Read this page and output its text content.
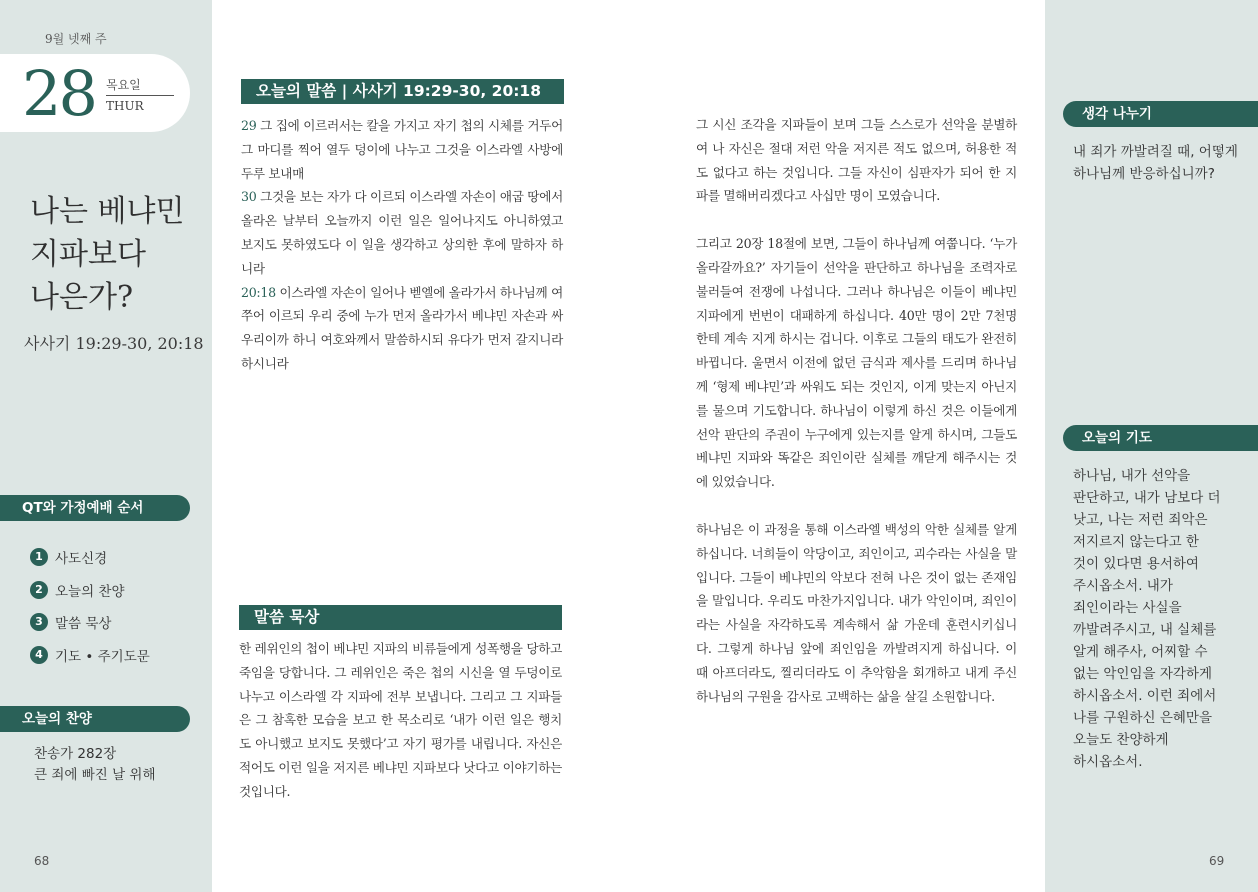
9월 넷째 주
28 목요일
THUR
나는 베냐민
지파보다
나은가?
사사기 19:29-30, 20:18
QT와 가정예배 순서
1 사도신경
2 오늘의 찬양
3 말씀 묵상
4 기도 • 주기도문
오늘의 찬양
찬송가 282장
큰 죄에 빠진 날 위해
68
오늘의 말씀 | 사사기 19:29-30, 20:18

29 그 집에 이르러서는 칼을 가지고 자기 첩의 시체를 거두어 그 마디를 찍어 열두 덩이에 나누고 그것을 이스라엘 사방에 두루 보내매

30 그것을 보는 자가 다 이르되 이스라엘 자손이 애굽 땅에서 올라온 날부터 오늘까지 이런 일은 일어나지도 아니하였고 보지도 못하였도다 이 일을 생각하고 상의한 후에 말하자 하니라

20:18 이스라엘 자손이 일어나 벧엘에 올라가서 하나님께 여쭈어 이르되 우리 중에 누가 먼저 올라가서 베냐민 자손과 싸우리이까 하니 여호와께서 말씀하시되 유다가 먼저 갈지니라 하시니라

말씀 묵상
한 레위인의 첩이 베냐민 지파의 비류들에게 성폭행을 당하고 죽임을 당합니다. 그 레위인은 죽은 첩의 시신을 열 두덩이로 나누고 이스라엘 각 지파에 전부 보냅니다. 그리고 그 지파들은 그 참혹한 모습을 보고 한 목소리로 ‘내가 이런 일은 행치도 아니했고 보지도 못했다’고 자기 평가를 내립니다. 자신은 적어도 이런 일을 저지른 베냐민 지파보다 낫다고 이야기하는 것입니다.

그 시신 조각을 지파들이 보며 그들 스스로가 선악을 분별하여 나 자신은 절대 저런 악을 저지른 적도 없으며, 허용한 적도 없다고 하는 것입니다. 그들 자신이 심판자가 되어 한 지파를 멸해버리겠다고 사십만 명이 모였습니다.

그리고 20장 18절에 보면, 그들이 하나님께 여쭙니다. ‘누가 올라갈까요?’ 자기들이 선악을 판단하고 하나님을 조력자로 불러들여 전쟁에 나섭니다. 그러나 하나님은 이들이 베냐민 지파에게 번번이 대패하게 하십니다. 40만 명이 2만 7천명한테 계속 지게 하시는 겁니다. 이후로 그들의 태도가 완전히 바뀝니다. 울면서 이전에 없던 금식과 제사를 드리며 하나님께 ‘형제 베냐민’과 싸워도 되는 것인지, 이게 맞는지 아닌지를 물으며 기도합니다. 하나님이 이렇게 하신 것은 이들에게 선악 판단의 주권이 누구에게 있는지를 알게 하시며, 그들도 베냐민 지파와 똑같은 죄인이란 실체를 깨닫게 해주시는 것에 있었습니다.

하나님은 이 과정을 통해 이스라엘 백성의 악한 실체를 알게 하십니다. 너희들이 악당이고, 죄인이고, 괴수라는 사실을 말입니다. 그들이 베냐민의 악보다 전혀 나은 것이 없는 존재임을 말입니다. 우리도 마찬가지입니다. 내가 악인이며, 죄인이라는 사실을 자각하도록 계속해서 삶 가운데 훈련시키십니다. 그렇게 하나님 앞에 죄인임을 까발려지게 하십니다. 이 때 아프더라도, 찔리더라도 이 추악함을 회개하고 내게 주신 하나님의 구원을 감사로 고백하는 삶을 살길 소원합니다.

생각 나누기
내 죄가 까발려질 때, 어떻게
하나님께 반응하십니까?
오늘의 기도
하나님, 내가 선악을
판단하고, 내가 남보다 더
낫고, 나는 저런 죄악은
저지르지 않는다고 한
것이 있다면 용서하여
주시옵소서. 내가
죄인이라는 사실을
까발려주시고, 내 실체를
알게 해주사, 어찌할 수
없는 악인임을 자각하게
하시옵소서. 이런 죄에서
나를 구원하신 은혜만을
오늘도 찬양하게
하시옵소서.
69
